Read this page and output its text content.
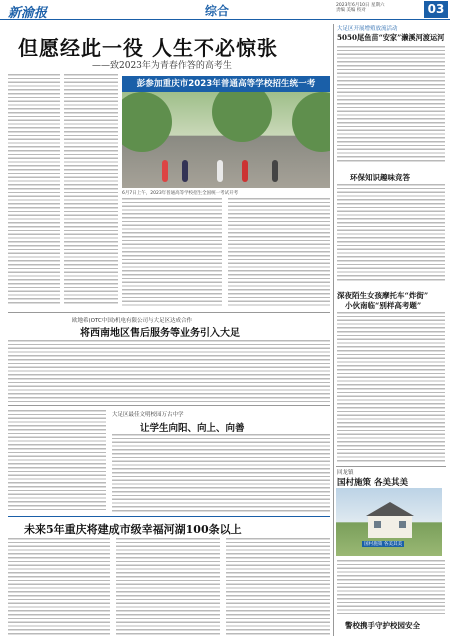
新渝报	综合	2023年6月10日 星期六
责编 美编 校对	03
但愿经此一役 人生不必惊张
——致2023年为青春作答的高考生
彭参加重庆市2023年普通高等学校招生统一考
6月7日上午，2023年普通高等学校招生全国统一考试开考
欧地希(OTC中国)机电有限公司与大足区达成合作
将西南地区售后服务等业务引入大足
大足区开展增殖放流活动
5050尾鱼苗“安家”濑溪河渡运河
环保知识趣味竞答
深夜陌生女孩摩托车“炸街”
小伙南临“别样高考题”
回龙镇
国村施策 各美其美
国村施策 各美其美
警校携手守护校园安全
大足区最佳文明校园万古中学
让学生向阳、向上、向善
未来5年重庆将建成市级幸福河湖100条以上
